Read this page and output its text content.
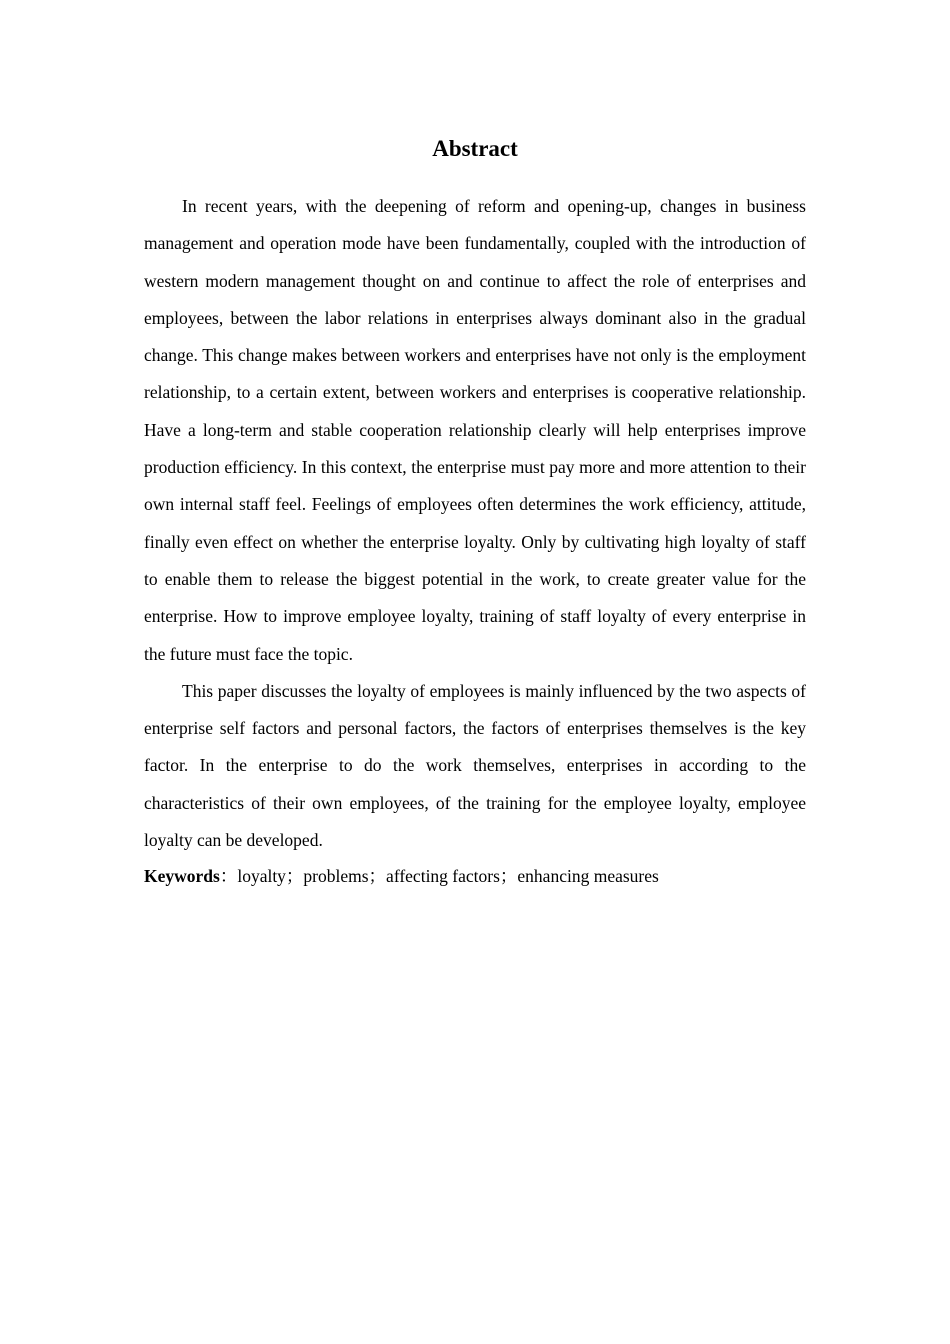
Abstract

In recent years, with the deepening of reform and opening-up, changes in business management and operation mode have been fundamentally, coupled with the introduction of western modern management thought on and continue to affect the role of enterprises and employees, between the labor relations in enterprises always dominant also in the gradual change. This change makes between workers and enterprises have not only is the employment relationship, to a certain extent, between workers and enterprises is cooperative relationship. Have a long-term and stable cooperation relationship clearly will help enterprises improve production efficiency. In this context, the enterprise must pay more and more attention to their own internal staff feel. Feelings of employees often determines the work efficiency, attitude, finally even effect on whether the enterprise loyalty. Only by cultivating high loyalty of staff to enable them to release the biggest potential in the work, to create greater value for the enterprise. How to improve employee loyalty, training of staff loyalty of every enterprise in the future must face the topic.

This paper discusses the loyalty of employees is mainly influenced by the two aspects of enterprise self factors and personal factors, the factors of enterprises themselves is the key factor. In the enterprise to do the work themselves, enterprises in according to the characteristics of their own employees, of the training for the employee loyalty, employee loyalty can be developed.

Keywords：loyalty；problems；affecting factors；enhancing measures
